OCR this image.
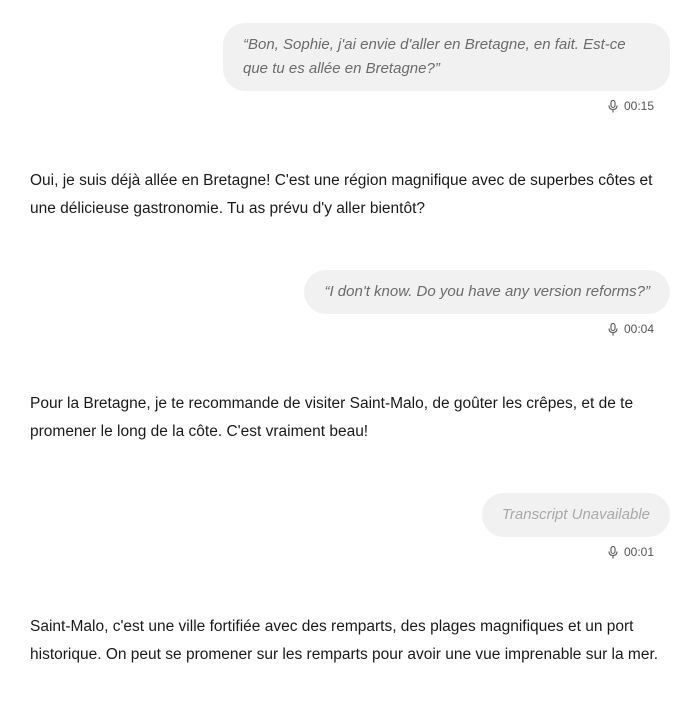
“Bon, Sophie, j'ai envie d'aller en Bretagne, en fait. Est-ce que tu es allée en Bretagne?”
00:15
Oui, je suis déjà allée en Bretagne! C'est une région magnifique avec de superbes côtes et une délicieuse gastronomie. Tu as prévu d'y aller bientôt?
“I don't know. Do you have any version reforms?”
00:04
Pour la Bretagne, je te recommande de visiter Saint-Malo, de goûter les crêpes, et de te promener le long de la côte. C'est vraiment beau!
Transcript Unavailable
00:01
Saint-Malo, c'est une ville fortifiée avec des remparts, des plages magnifiques et un port historique. On peut se promener sur les remparts pour avoir une vue imprenable sur la mer.
